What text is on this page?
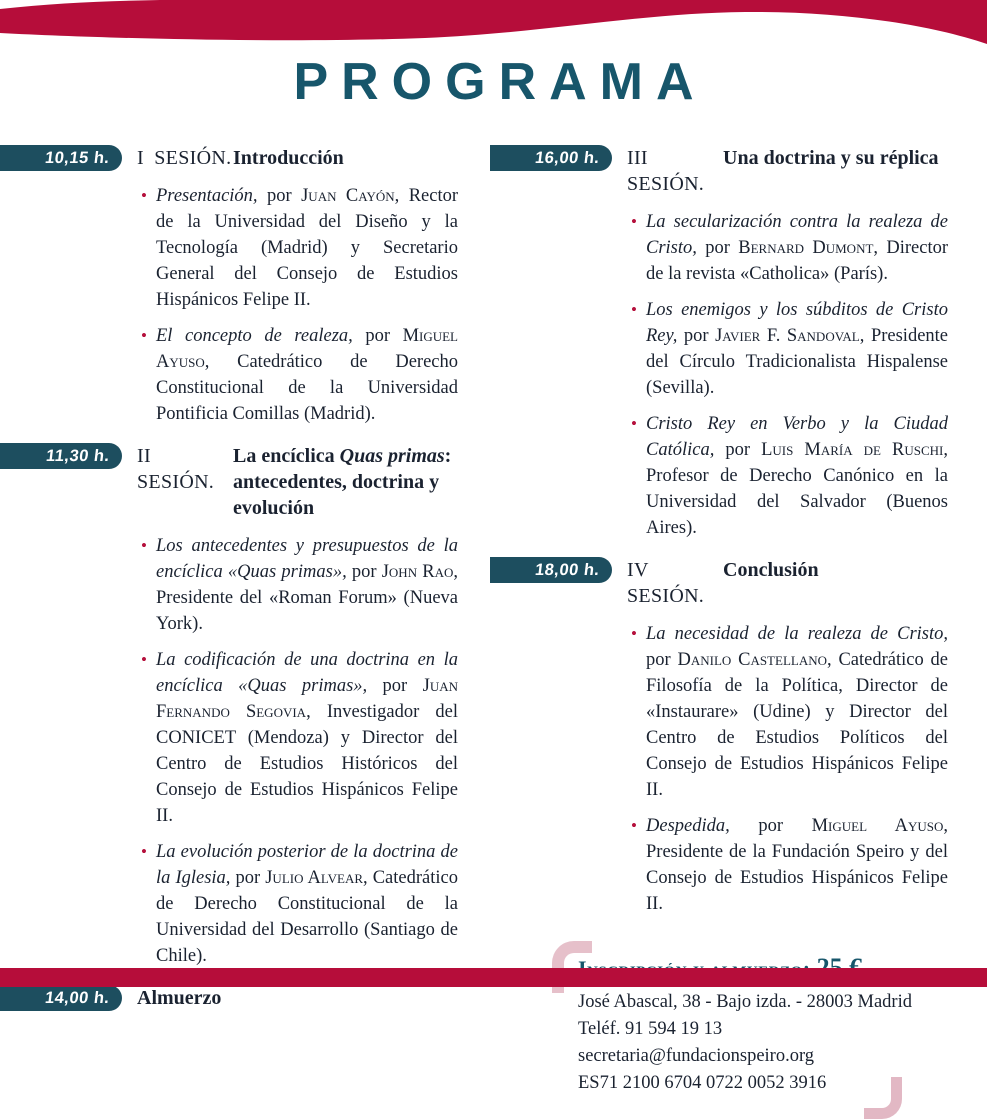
PROGRAMA
10,15 h. I SESIÓN. Introducción
• Presentación, por Juan Cayón, Rector de la Universidad del Diseño y la Tecnología (Madrid) y Secretario General del Consejo de Estudios Hispánicos Felipe II.
• El concepto de realeza, por Miguel Ayuso, Catedrático de Derecho Constitucional de la Universidad Pontificia Comillas (Madrid).
11,30 h. II SESIÓN.
La encíclica Quas primas: antecedentes, doctrina y evolución
• Los antecedentes y presupuestos de la encíclica «Quas primas», por John Rao, Presidente del «Roman Forum» (Nueva York).
• La codificación de una doctrina en la encíclica «Quas primas», por Juan Fernando Segovia, Investigador del CONICET (Mendoza) y Director del Centro de Estudios Históricos del Consejo de Estudios Hispánicos Felipe II.
• La evolución posterior de la doctrina de la Iglesia, por Julio Alvear, Catedrático de Derecho Constitucional de la Universidad del Desarrollo (Santiago de Chile).
14,00 h. Almuerzo
16,00 h. III SESIÓN.
Una doctrina y su réplica
• La secularización contra la realeza de Cristo, por Bernard Dumont, Director de la revista «Catholica» (París).
• Los enemigos y los súbditos de Cristo Rey, por Javier F. Sandoval, Presidente del Círculo Tradicionalista Hispalense (Sevilla).
• Cristo Rey en Verbo y la Ciudad Católica, por Luis María de Ruschi, Profesor de Derecho Canónico en la Universidad del Salvador (Buenos Aires).
18,00 h. IV SESIÓN.
Conclusión
• La necesidad de la realeza de Cristo, por Danilo Castellano, Catedrático de Filosofía de la Política, Director de «Instaurare» (Udine) y Director del Centro de Estudios Políticos del Consejo de Estudios Hispánicos Felipe II.
• Despedida, por Miguel Ayuso, Presidente de la Fundación Speiro y del Consejo de Estudios Hispánicos Felipe II.
José Abascal, 38 - Bajo izda. - 28003 Madrid
Teléf. 91 594 19 13
secretaria@fundacionspeiro.org
ES71 2100 6704 0722 0052 3916
